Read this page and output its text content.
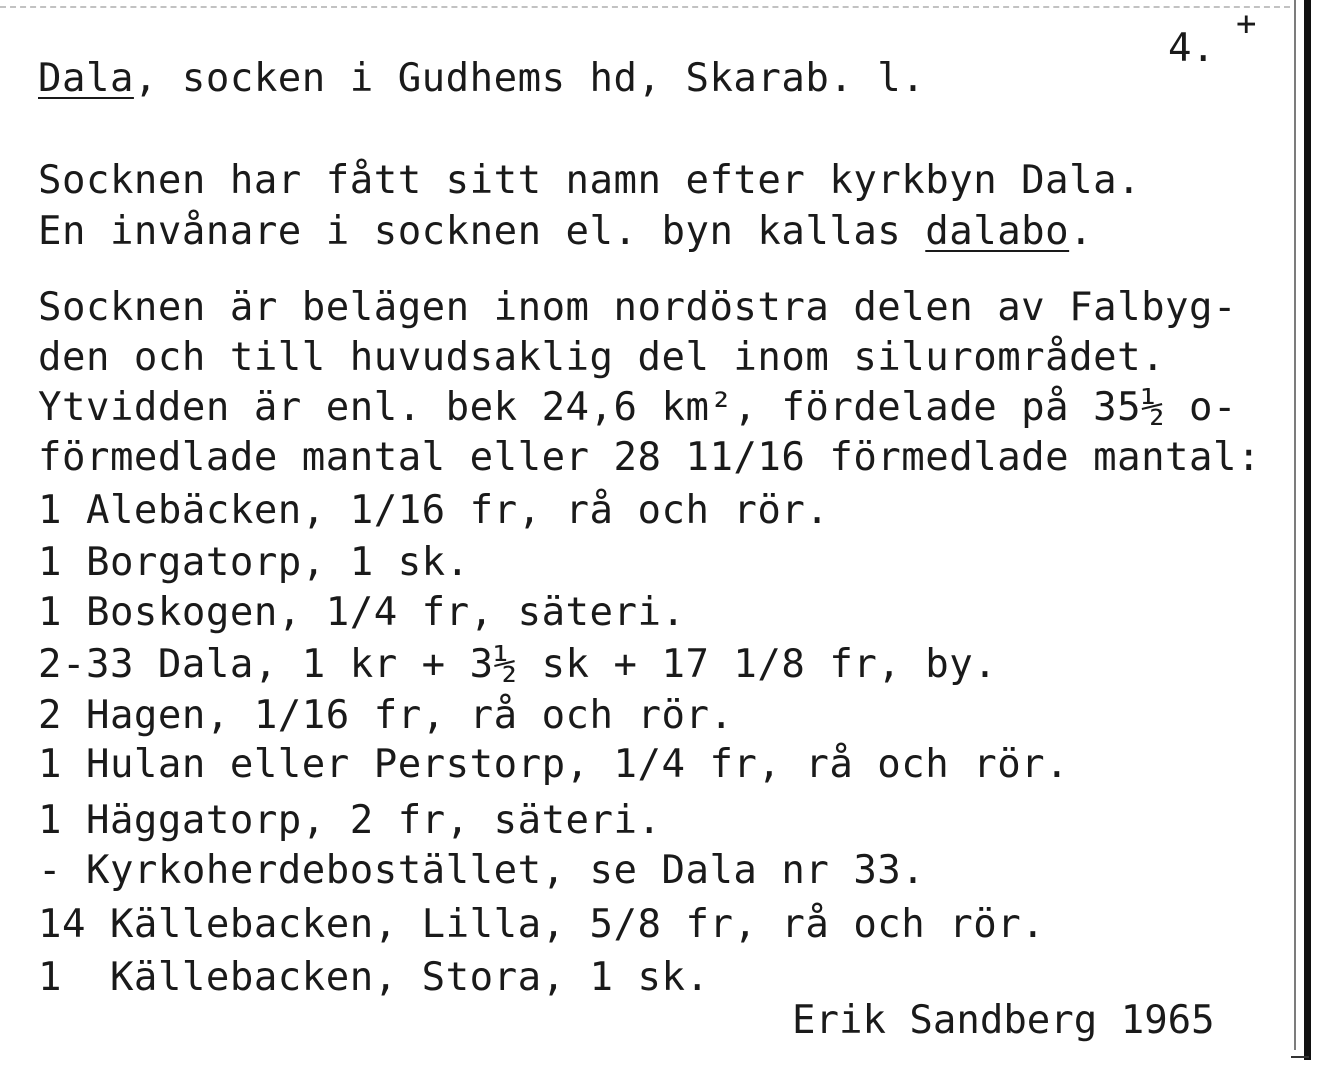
+
4.
Dala, socken i Gudhems hd, Skarab. l.
Socknen har fått sitt namn efter kyrkbyn Dala.
En invånare i socknen el. byn kallas dalabo.
Socknen är belägen inom nordöstra delen av Falbyg-
den och till huvudsaklig del inom silurområdet.
Ytvidden är enl. bek 24,6 km², fördelade på 35½ o-
förmedlade mantal eller 28 11/16 förmedlade mantal:
1 Alebäcken, 1/16 fr, rå och rör.
1 Borgatorp, 1 sk.
1 Boskogen, 1/4 fr, säteri.
2-33 Dala, 1 kr + 3½ sk + 17 1/8 fr, by.
2 Hagen, 1/16 fr, rå och rör.
1 Hulan eller Perstorp, 1/4 fr, rå och rör.
1 Häggatorp, 2 fr, säteri.
- Kyrkoherdebostället, se Dala nr 33.
14 Källebacken, Lilla, 5/8 fr, rå och rör.
1  Källebacken, Stora, 1 sk.
Erik Sandberg 1965
